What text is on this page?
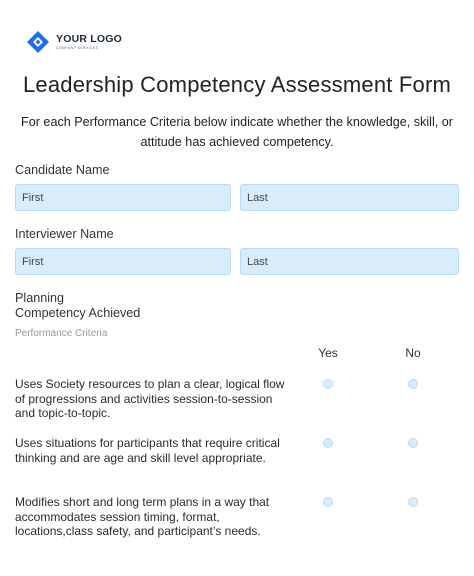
YOUR LOGO
COMPANY SERVICES
Leadership Competency Assessment Form
For each Performance Criteria below indicate whether the knowledge, skill, or attitude has achieved competency.
Candidate Name
First
Last
Interviewer Name
First
Last
Planning
Competency Achieved
Performance Criteria
Yes	No
Uses Society resources to plan a clear, logical flow of progressions and activities session-to-session and topic-to-topic.
Uses situations for participants that require critical thinking and are age and skill level appropriate.
Modifies short and long term plans in a way that accommodates session timing, format, locations,class safety, and participant’s needs.
